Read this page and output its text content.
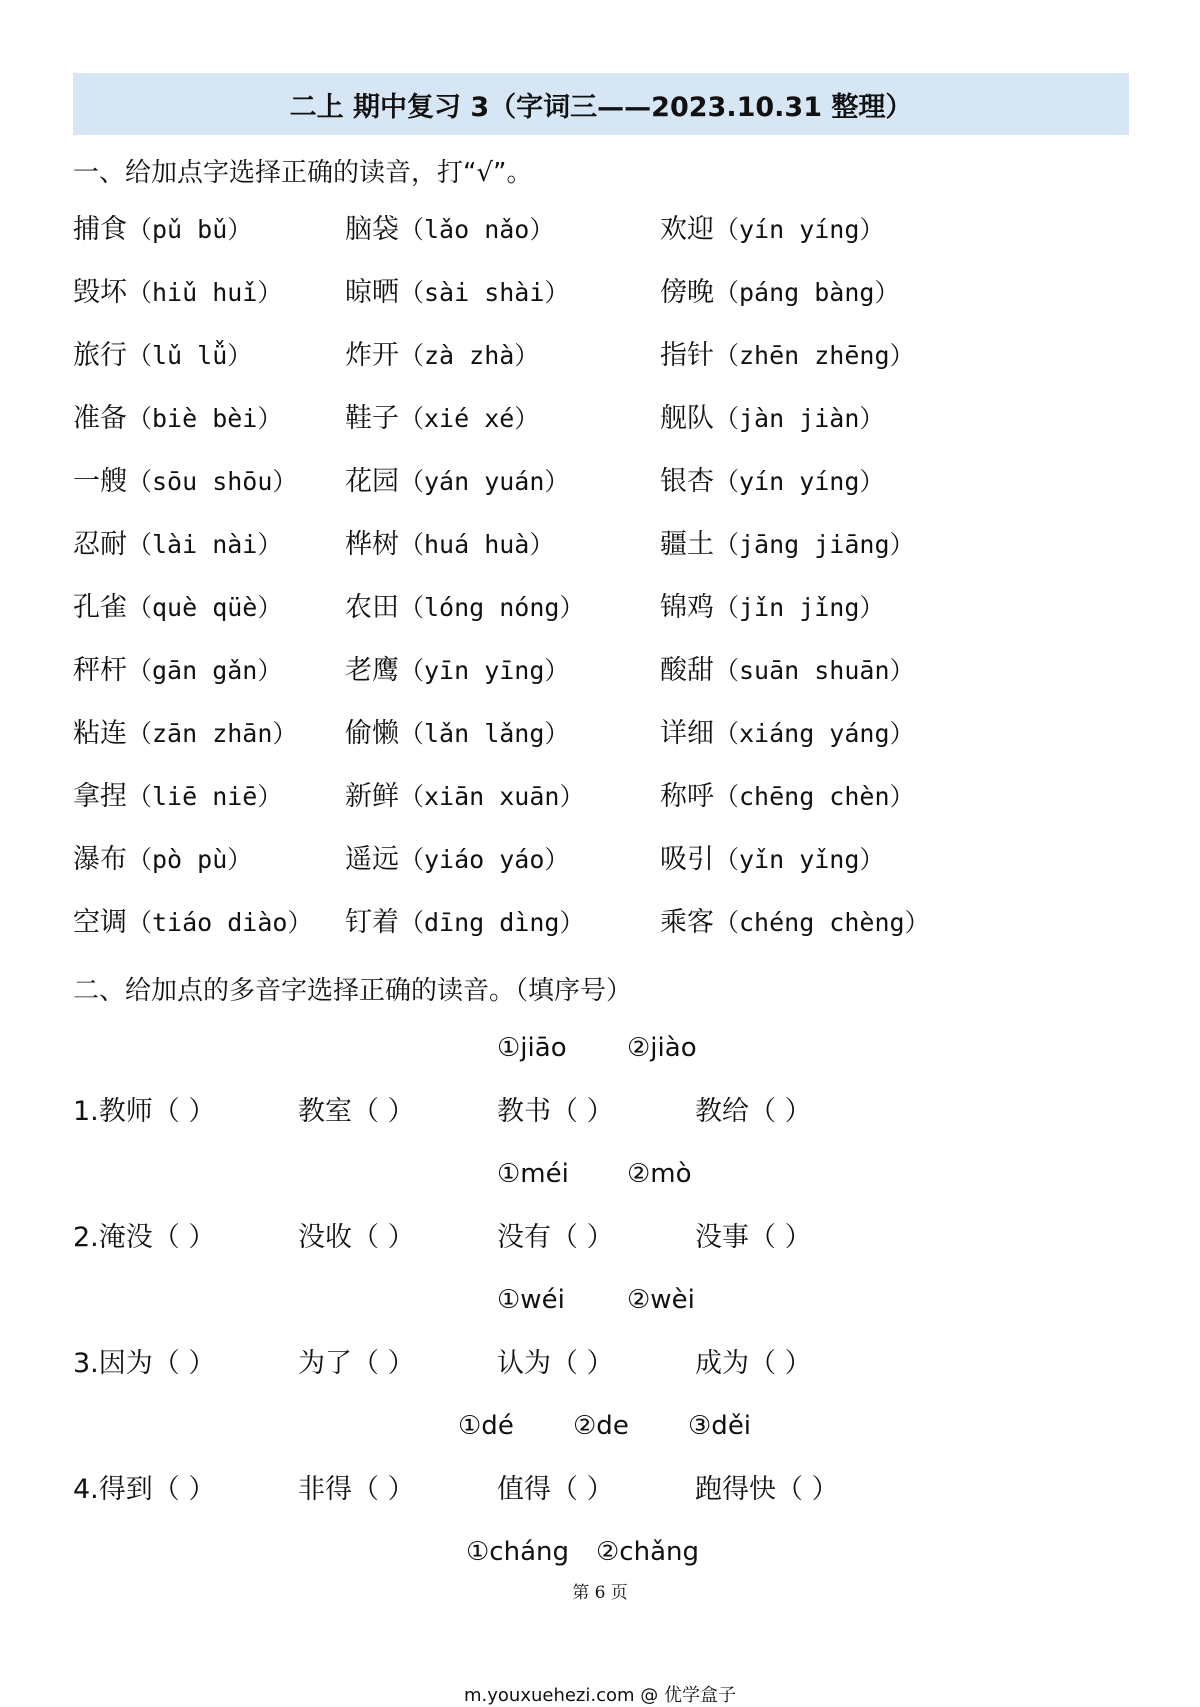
二上 期中复习 3（字词三——2023.10.31 整理）
一、给加点字选择正确的读音，打“√”。
捕食（pǔ bǔ）	脑袋（lǎo nǎo）	欢迎（yín yíng）
毁坏（hiǔ huǐ） 晾晒（sài shài）	傍晚（páng bàng）
旅行（lǔ lǚ）	炸开（zà zhà）	指针（zhēn zhēng）
准备（biè bèi） 鞋子（xié xé）	舰队（jàn jiàn）
一艘（sōu shōu） 花园（yán yuán）	银杏（yín yíng）
忍耐（lài nài） 桦树（huá huà）	疆土（jāng jiāng）
孔雀（què qüè） 农田（lóng nóng）	锦鸡（jǐn jǐng）
秤杆（gān gǎn） 老鹰（yīn yīng）	酸甜（suān shuān）
粘连（zān zhān） 偷懒（lǎn lǎng）	详细（xiáng yáng）
拿捏（liē niē） 新鲜（xiān xuān）	称呼（chēng chèn）
瀑布（pò pù）	遥远（yiáo yáo）	吸引（yǐn yǐng）
空调（tiáo diào） 钉着（dīng dìng）	乘客（chéng chèng）
二、给加点的多音字选择正确的读音。（填序号）
①jiāo ②jiào
1.教师（ ）	教室（ ）	教书（ ）	教给（ ）
①méi ②mò
2.淹没（ ）	没收（ ）	没有（ ）	没事（ ）
①wéi ②wèi
3.因为（ ）	为了（ ）	认为（ ）	成为（ ）
①dé ②de ③děi
4.得到（ ）	非得（ ）	值得（ ）	跑得快（ ）
①cháng ②chǎng
第 6 页
m.youxuehezi.com @ 优学盒子
